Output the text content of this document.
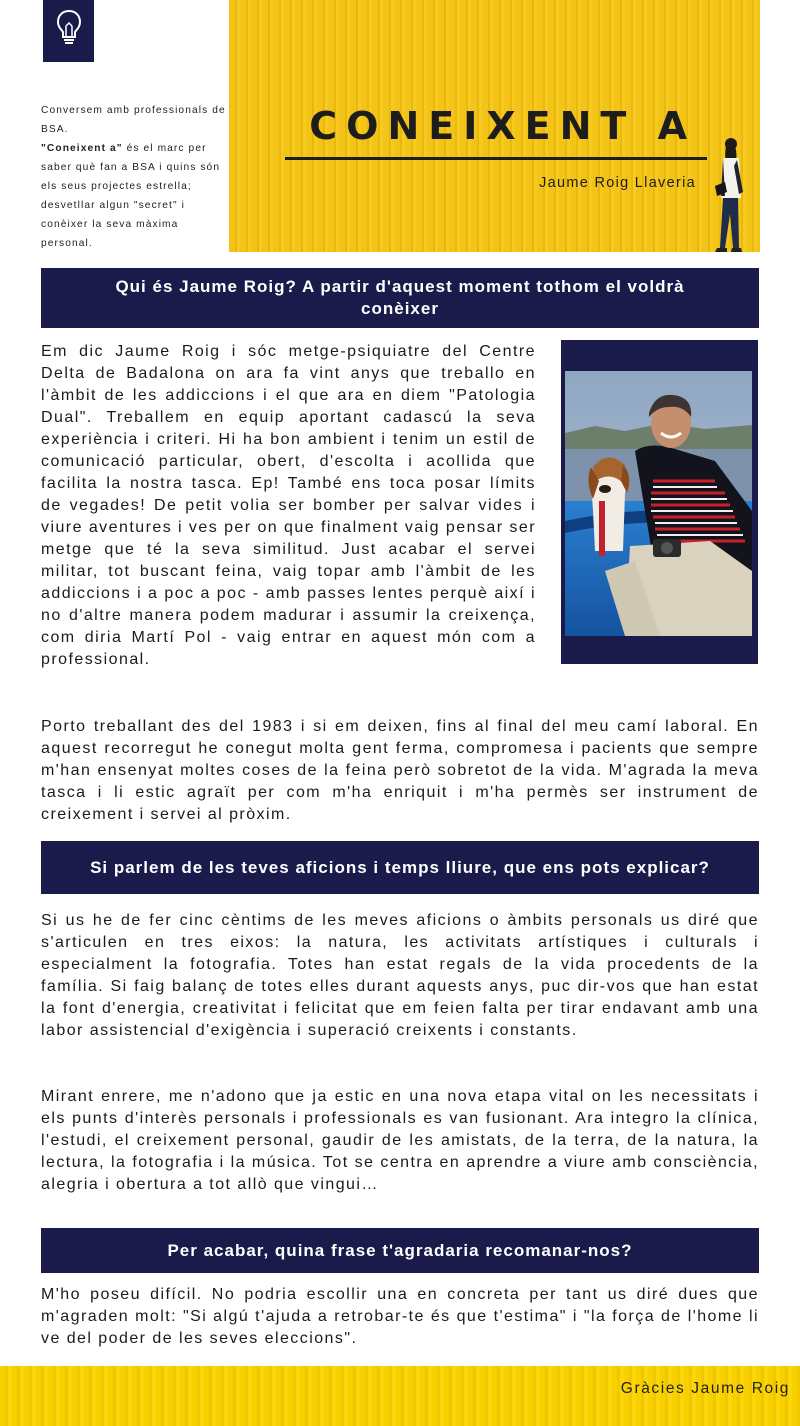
Conversem amb professionals de BSA.
"Coneixent a" és el marc per saber què fan a BSA i quins són els seus projectes estrella; desvetllar algun "secret" i conèixer la seva màxima personal.
CONEIXENT A
Jaume Roig Llaveria
Qui és Jaume Roig? A partir d'aquest moment tothom el voldrà conèixer
Em dic Jaume Roig i sóc metge-psiquiatre del Centre Delta de Badalona on ara fa vint anys que treballo en l'àmbit de les addiccions i el que ara en diem "Patologia Dual". Treballem en equip aportant cadascú la seva experiència i criteri. Hi ha bon ambient i tenim un estil de comunicació particular, obert, d'escolta i acollida que facilita la nostra tasca. Ep! També ens toca posar límits de vegades! De petit volia ser bomber per salvar vides i viure aventures i ves per on que finalment vaig pensar ser metge que té la seva similitud. Just acabar el servei militar, tot buscant feina, vaig topar amb l'àmbit de les addiccions i a poc a poc - amb passes lentes perquè així i no d'altre manera podem madurar i assumir la creixença, com diria Martí Pol - vaig entrar en aquest món com a professional.
Porto treballant des del 1983 i si em deixen, fins al final del meu camí laboral. En aquest recorregut he conegut molta gent ferma, compromesa i pacients que sempre m'han ensenyat moltes coses de la feina però sobretot de la vida. M'agrada la meva tasca i li estic agraït per com m'ha enriquit i m'ha permès ser instrument de creixement i servei al pròxim.
Si parlem de les teves aficions i temps lliure, que ens pots explicar?
Si us he de fer cinc cèntims de les meves aficions o àmbits personals us diré que s'articulen en tres eixos: la natura, les activitats artístiques i culturals i especialment la fotografia. Totes han estat regals de la vida procedents de la família. Si faig balanç de totes elles durant aquests anys, puc dir-vos que han estat la font d'energia, creativitat i felicitat que em feien falta per tirar endavant amb una labor assistencial d'exigència i superació creixents i constants.
Mirant enrere, me n'adono que ja estic en una nova etapa vital on les necessitats i els punts d'interès personals i professionals es van fusionant. Ara integro la clínica, l'estudi, el creixement personal, gaudir de les amistats, de la terra, de la natura, la lectura, la fotografia i la música. Tot se centra en aprendre a viure amb consciència, alegria i obertura a tot allò que vingui…
Per acabar, quina frase t'agradaria recomanar-nos?
M'ho poseu difícil. No podria escollir una en concreta per tant us diré dues que m'agraden molt: "Si algú t'ajuda a retrobar-te és que t'estima" i "la força de l'home li ve del poder de les seves eleccions".
Gràcies Jaume Roig
